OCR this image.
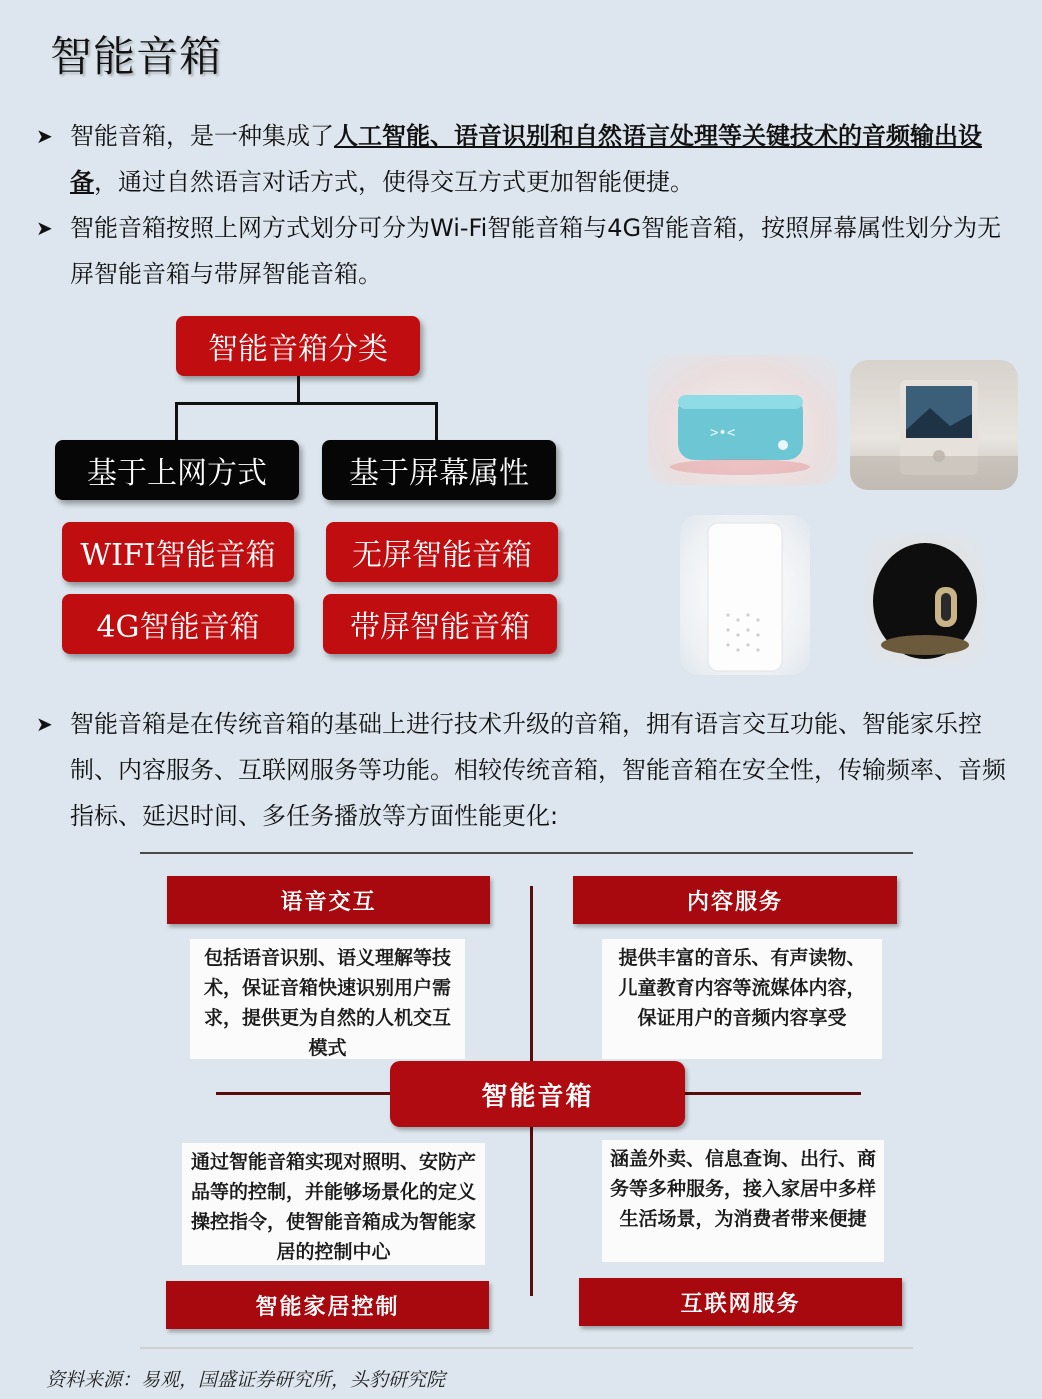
智能音箱
➤ 智能音箱，是一种集成了人工智能、语音识别和自然语言处理等关键技术的音频输出设备，通过自然语言对话方式，使得交互方式更加智能便捷。
➤ 智能音箱按照上网方式划分可分为Wi-Fi智能音箱与4G智能音箱，按照屏幕属性划分为无屏智能音箱与带屏智能音箱。
智能音箱分类
基于上网方式	基于屏幕属性
WIFI智能音箱
4G智能音箱
无屏智能音箱
带屏智能音箱
>•<
➤ 智能音箱是在传统音箱的基础上进行技术升级的音箱，拥有语言交互功能、智能家乐控制、内容服务、互联网服务等功能。相较传统音箱，智能音箱在安全性，传输频率、音频指标、延迟时间、多任务播放等方面性能更化:
语音交互	内容服务
智能家居控制	互联网服务
智能音箱
包括语音识别、语义理解等技术，保证音箱快速识别用户需求，提供更为自然的人机交互模式
提供丰富的音乐、有声读物、儿童教育内容等流媒体内容，保证用户的音频内容享受
通过智能音箱实现对照明、安防产品等的控制，并能够场景化的定义操控指令，使智能音箱成为智能家居的控制中心
涵盖外卖、信息查询、出行、商务等多种服务，接入家居中多样生活场景，为消费者带来便捷
资料来源：易观，国盛证券研究所，头豹研究院
